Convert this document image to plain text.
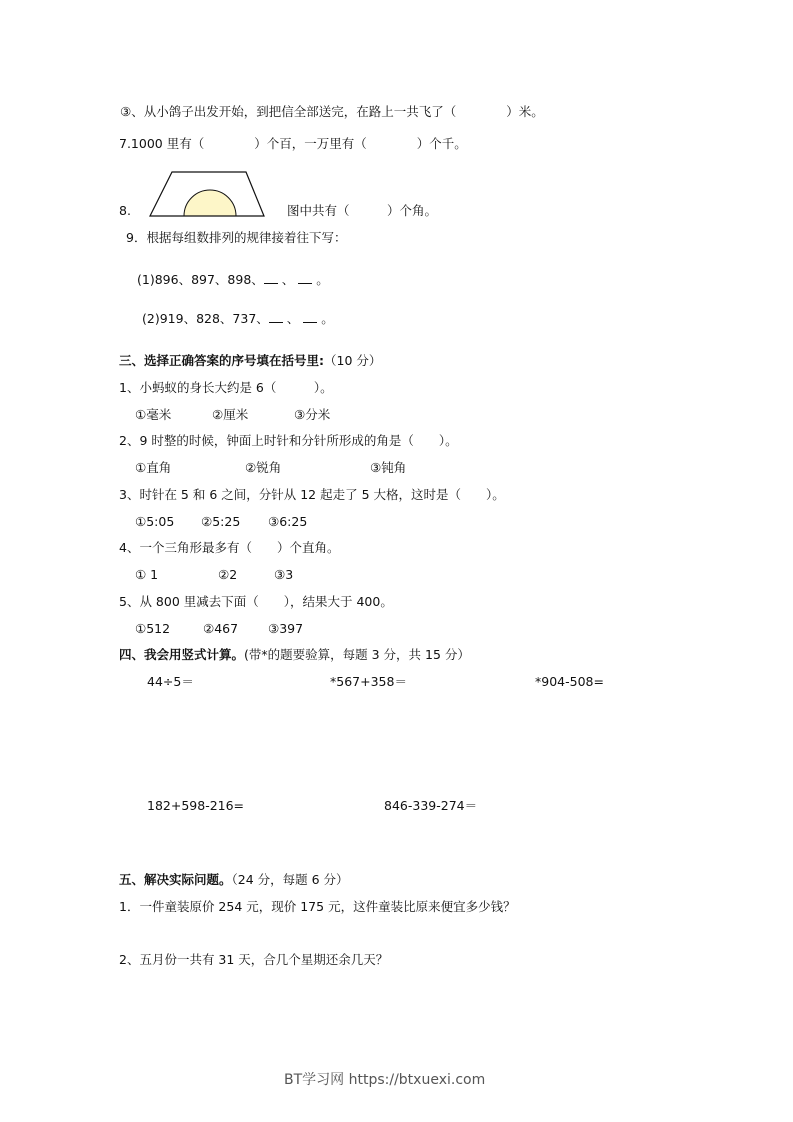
③、从小鸽子出发开始，到把信全部送完，在路上一共飞了（　　　　）米。
7.1000 里有（　　　　）个百，一万里有（　　　　）个千。
8.	图中共有（　　　）个角。
9．根据每组数排列的规律接着往下写：
(1)896、897、898、 、 。
(2)919、828、737、 、 。
三、选择正确答案的序号填在括号里:（10 分）
1、小蚂蚁的身长大约是 6（　　　）。
①毫米	②厘米	③分米
2、9 时整的时候，钟面上时针和分针所形成的角是（　　）。
①直角	②锐角	③钝角
3、时针在 5 和 6 之间，分针从 12 起走了 5 大格，这时是（　　）。
①5:05 ②5:25 ③6:25
4、一个三角形最多有（　　）个直角。
① 1	②2	③3
5、从 800 里减去下面（　　），结果大于 400。
①512	②467 ③397
四、我会用竖式计算。(带*的题要验算，每题 3 分，共 15 分）
44÷5＝	*567+358＝	*904-508=
182+598-216=	846-339-274＝
五、解决实际问题。（24 分，每题 6 分）
1．一件童装原价 254 元，现价 175 元，这件童装比原来便宜多少钱？
2、五月份一共有 31 天，合几个星期还余几天？
BT学习网 https://btxuexi.com
